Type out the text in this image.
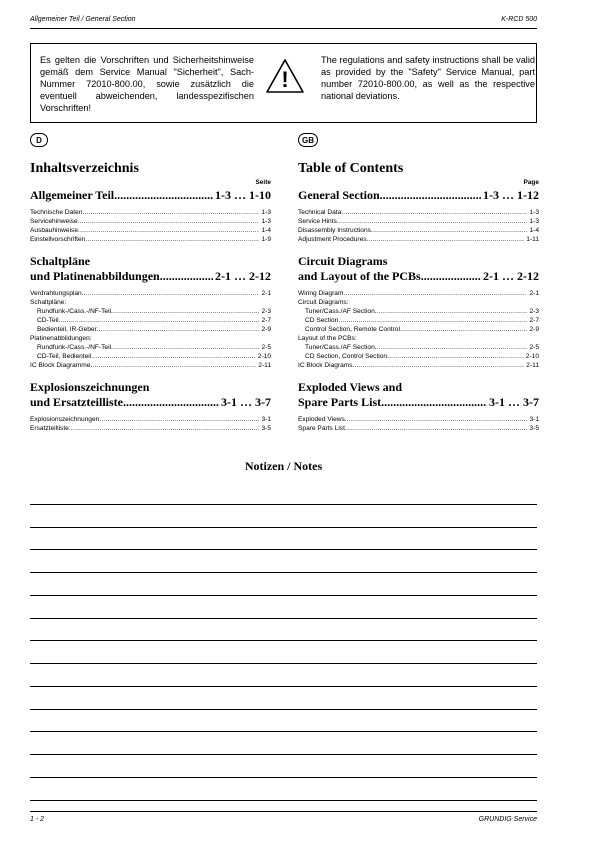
Allgemeiner Teil / General Section	K-RCD 500
Es gelten die Vorschriften und Sicherheitshinweise gemäß dem Service Manual "Sicherheit", Sach-Nummer 72010-800.00, sowie zusätzlich die eventuell abweichenden, landesspezifischen Vorschriften!
!
The regulations and safety instructions shall be valid as provided by the "Safety" Service Manual, part number 72010-800.00, as well as the respective national deviations.
D	GB
Inhaltsverzeichnis
Seite
Allgemeiner Teil .....	1-3 … 1-10
Technische Daten .....	1-3
Servicehinweise .....	1-3
Ausbauhinweise .....	1-4
Einstellvorschriften .....	1-9
Schaltpläne
und Platinenabbildungen .....	2-1 … 2-12
Verdrahtungsplan .....	2-1
Schaltpläne:
Rundfunk-/Cass.-/NF-Teil .....	2-3
CD-Teil .....	2-7
Bedienteil, IR-Geber .....	2-9
Platinenabbildungen:
Rundfunk-/Cass.-/NF-Teil .....	2-5
CD-Teil, Bedienteil .....	2-10
IC Block Diagramme .....	2-11
Explosionszeichnungen
und Ersatzteilliste .....	3-1 … 3-7
Explosionszeichnungen .....	3-1
Ersatzteilliste .....	3-5
Table of Contents
Page
General Section .....	1-3 … 1-12
Technical Data .....	1-3
Service Hints .....	1-3
Disassembly Instructions .....	1-4
Adjustment Procedures .....	1-11
Circuit Diagrams
and Layout of the PCBs .....	2-1 … 2-12
Wiring Diagram .....	2-1
Circuit Diagrams:
Tuner/Cass./AF Section .....	2-3
CD Section .....	2-7
Control Section, Remote Control .....	2-9
Layout of the PCBs:
Tuner/Cass./AF Section .....	2-5
CD Section, Control Section .....	2-10
IC Block Diagrams .....	2-11
Exploded Views and
Spare Parts List .....	3-1 … 3-7
Exploded Views .....	3-1
Spare Parts List .....	3-5
Notizen / Notes
1 - 2	GRUNDIG Service
